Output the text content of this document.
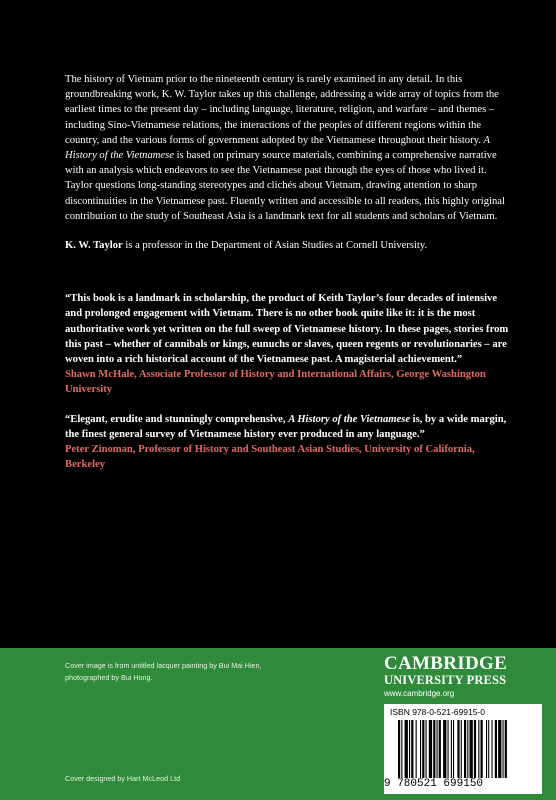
The history of Vietnam prior to the nineteenth century is rarely examined in any detail. In this groundbreaking work, K. W. Taylor takes up this challenge, addressing a wide array of topics from the earliest times to the present day – including language, literature, religion, and warfare – and themes – including Sino-Vietnamese relations, the interactions of the peoples of different regions within the country, and the various forms of government adopted by the Vietnamese throughout their history. A History of the Vietnamese is based on primary source materials, combining a comprehensive narrative with an analysis which endeavors to see the Vietnamese past through the eyes of those who lived it. Taylor questions long-standing stereotypes and clichés about Vietnam, drawing attention to sharp discontinuities in the Vietnamese past. Fluently written and accessible to all readers, this highly original contribution to the study of Southeast Asia is a landmark text for all students and scholars of Vietnam.

K. W. Taylor is a professor in the Department of Asian Studies at Cornell University.

“This book is a landmark in scholarship, the product of Keith Taylor’s four decades of intensive and prolonged engagement with Vietnam. There is no other book quite like it: it is the most authoritative work yet written on the full sweep of Vietnamese history. In these pages, stories from this past – whether of cannibals or kings, eunuchs or slaves, queen regents or revolutionaries – are woven into a rich historical account of the Vietnamese past. A magisterial achievement.”
Shawn McHale, Associate Professor of History and International Affairs, George Washington University

“Elegant, erudite and stunningly comprehensive, A History of the Vietnamese is, by a wide margin, the finest general survey of Vietnamese history ever produced in any language.”
Peter Zinoman, Professor of History and Southeast Asian Studies, University of California, Berkeley

Cover image is from untitled lacquer painting by Bui Mai Hien, photographed by Bui Hong.
Cover designed by Hart McLeod Ltd
CAMBRIDGE
UNIVERSITY PRESS
www.cambridge.org
ISBN 978-0-521-69915-0
9 780521 699150
